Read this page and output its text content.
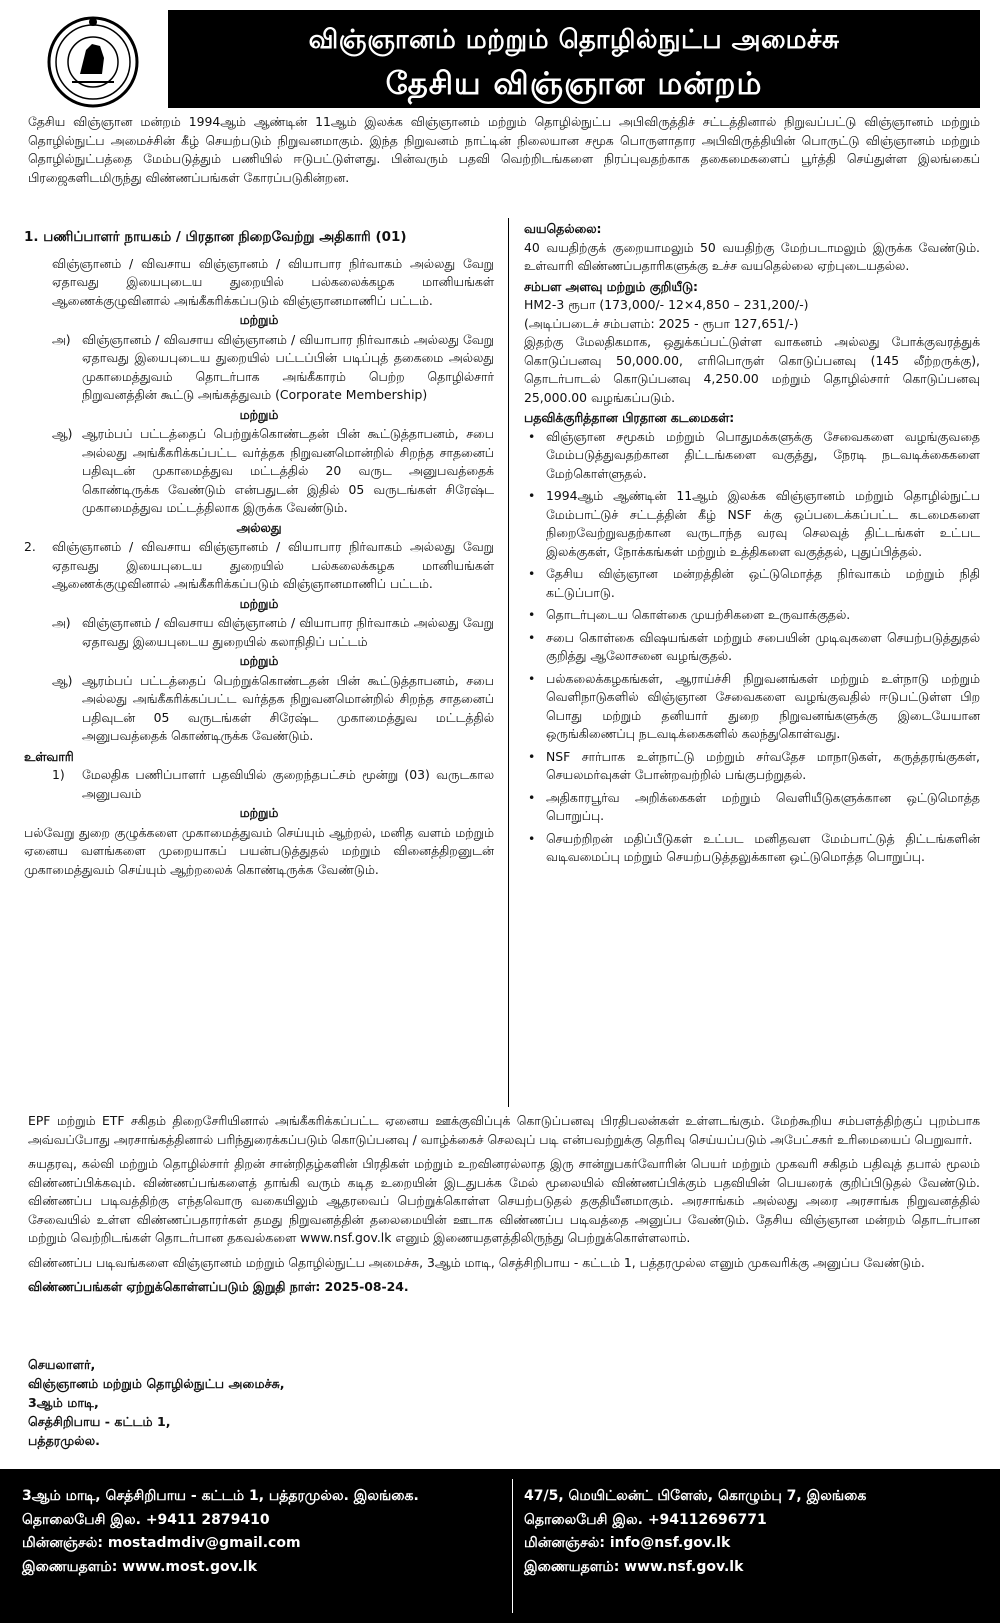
விஞ்ஞானம் மற்றும் தொழில்நுட்ப அமைச்சு
தேசிய விஞ்ஞான மன்றம்
தேசிய விஞ்ஞான மன்றம் 1994ஆம் ஆண்டின் 11ஆம் இலக்க விஞ்ஞானம் மற்றும் தொழில்நுட்ப அபிவிருத்திச் சட்டத்தினால் நிறுவப்பட்டு விஞ்ஞானம் மற்றும் தொழில்நுட்ப அமைச்சின் கீழ் செயற்படும் நிறுவனமாகும். இந்த நிறுவனம் நாட்டின் நிலையான சமூக பொருளாதார அபிவிருத்தியின் பொருட்டு விஞ்ஞானம் மற்றும் தொழில்நுட்பத்தை மேம்படுத்தும் பணியில் ஈடுபட்டுள்ளது. பின்வரும் பதவி வெற்றிடங்களை நிரப்புவதற்காக தகைமைகளைப் பூர்த்தி செய்துள்ள இலங்கைப் பிரஜைகளிடமிருந்து விண்ணப்பங்கள் கோரப்படுகின்றன.
1. பணிப்பாளர் நாயகம் / பிரதான நிறைவேற்று அதிகாரி (01)
விஞ்ஞானம் / விவசாய விஞ்ஞானம் / வியாபார நிர்வாகம் அல்லது வேறு ஏதாவது இயைபுடைய துறையில் பல்கலைக்கழக மானியங்கள் ஆணைக்குழுவினால் அங்கீகரிக்கப்படும் விஞ்ஞானமாணிப் பட்டம்.
மற்றும்
அ) விஞ்ஞானம் / விவசாய விஞ்ஞானம் / வியாபார நிர்வாகம் அல்லது வேறு ஏதாவது இயைபுடைய துறையில் பட்டப்பின் படிப்புத் தகைமை அல்லது முகாமைத்துவம் தொடர்பாக அங்கீகாரம் பெற்ற தொழில்சார் நிறுவனத்தின் கூட்டு அங்கத்துவம் (Corporate Membership)
மற்றும்
ஆ) ஆரம்பப் பட்டத்தைப் பெற்றுக்கொண்டதன் பின் கூட்டுத்தாபனம், சபை அல்லது அங்கீகரிக்கப்பட்ட வர்த்தக நிறுவனமொன்றில் சிறந்த சாதனைப் பதிவுடன் முகாமைத்துவ மட்டத்தில் 20 வருட அனுபவத்தைக் கொண்டிருக்க வேண்டும் என்பதுடன் இதில் 05 வருடங்கள் சிரேஷ்ட முகாமைத்துவ மட்டத்திலாக இருக்க வேண்டும்.
அல்லது
2. விஞ்ஞானம் / விவசாய விஞ்ஞானம் / வியாபார நிர்வாகம் அல்லது வேறு ஏதாவது இயைபுடைய துறையில் பல்கலைக்கழக மானியங்கள் ஆணைக்குழுவினால் அங்கீகரிக்கப்படும் விஞ்ஞானமாணிப் பட்டம்.
மற்றும்
அ) விஞ்ஞானம் / விவசாய விஞ்ஞானம் / வியாபார நிர்வாகம் அல்லது வேறு ஏதாவது இயைபுடைய துறையில் கலாநிதிப் பட்டம்
மற்றும்
ஆ) ஆரம்பப் பட்டத்தைப் பெற்றுக்கொண்டதன் பின் கூட்டுத்தாபனம், சபை அல்லது அங்கீகரிக்கப்பட்ட வர்த்தக நிறுவனமொன்றில் சிறந்த சாதனைப் பதிவுடன் 05 வருடங்கள் சிரேஷ்ட முகாமைத்துவ மட்டத்தில் அனுபவத்தைக் கொண்டிருக்க வேண்டும்.
உள்வாரி
1) மேலதிக பணிப்பாளர் பதவியில் குறைந்தபட்சம் மூன்று (03) வருடகால அனுபவம்
மற்றும்
பல்வேறு துறை குழுக்களை முகாமைத்துவம் செய்யும் ஆற்றல், மனித வளம் மற்றும் ஏனைய வளங்களை முறையாகப் பயன்படுத்துதல் மற்றும் வினைத்திறனுடன் முகாமைத்துவம் செய்யும் ஆற்றலைக் கொண்டிருக்க வேண்டும்.
வயதெல்லை:
40 வயதிற்குக் குறையாமலும் 50 வயதிற்கு மேற்படாமலும் இருக்க வேண்டும். உள்வாரி விண்ணப்பதாரிகளுக்கு உச்ச வயதெல்லை ஏற்புடையதல்ல.
சம்பள அளவு மற்றும் குறியீடு:
HM2-3 ரூபா (173,000/- 12×4,850 – 231,200/-)
(அடிப்படைச் சம்பளம்: 2025 - ரூபா 127,651/-)
இதற்கு மேலதிகமாக, ஒதுக்கப்பட்டுள்ள வாகனம் அல்லது போக்குவரத்துக் கொடுப்பனவு 50,000.00, எரிபொருள் கொடுப்பனவு (145 லீற்றருக்கு), தொடர்பாடல் கொடுப்பனவு 4,250.00 மற்றும் தொழில்சார் கொடுப்பனவு 25,000.00 வழங்கப்படும்.
பதவிக்குரித்தான பிரதான கடமைகள்:
• விஞ்ஞான சமூகம் மற்றும் பொதுமக்களுக்கு சேவைகளை வழங்குவதை மேம்படுத்துவதற்கான திட்டங்களை வகுத்து, நேரடி நடவடிக்கைகளை மேற்கொள்ளுதல்.
• 1994ஆம் ஆண்டின் 11ஆம் இலக்க விஞ்ஞானம் மற்றும் தொழில்நுட்ப மேம்பாட்டுச் சட்டத்தின் கீழ் NSF க்கு ஒப்படைக்கப்பட்ட கடமைகளை நிறைவேற்றுவதற்கான வருடாந்த வரவு செலவுத் திட்டங்கள் உட்பட இலக்குகள், நோக்கங்கள் மற்றும் உத்திகளை வகுத்தல், புதுப்பித்தல்.
• தேசிய விஞ்ஞான மன்றத்தின் ஒட்டுமொத்த நிர்வாகம் மற்றும் நிதி கட்டுப்பாடு.
• தொடர்புடைய கொள்கை முயற்சிகளை உருவாக்குதல்.
• சபை கொள்கை விஷயங்கள் மற்றும் சபையின் முடிவுகளை செயற்படுத்துதல் குறித்து ஆலோசனை வழங்குதல்.
• பல்கலைக்கழகங்கள், ஆராய்ச்சி நிறுவனங்கள் மற்றும் உள்நாடு மற்றும் வெளிநாடுகளில் விஞ்ஞான சேவைகளை வழங்குவதில் ஈடுபட்டுள்ள பிற பொது மற்றும் தனியார் துறை நிறுவனங்களுக்கு இடையேயான ஒருங்கிணைப்பு நடவடிக்கைகளில் கலந்துகொள்வது.
• NSF சார்பாக உள்நாட்டு மற்றும் சர்வதேச மாநாடுகள், கருத்தரங்குகள், செயலமர்வுகள் போன்றவற்றில் பங்குபற்றுதல்.
• அதிகாரபூர்வ அறிக்கைகள் மற்றும் வெளியீடுகளுக்கான ஒட்டுமொத்த பொறுப்பு.
• செயற்றிறன் மதிப்பீடுகள் உட்பட மனிதவள மேம்பாட்டுத் திட்டங்களின் வடிவமைப்பு மற்றும் செயற்படுத்தலுக்கான ஒட்டுமொத்த பொறுப்பு.

EPF மற்றும் ETF சகிதம் திறைசேரியினால் அங்கீகரிக்கப்பட்ட ஏனைய ஊக்குவிப்புக் கொடுப்பனவு பிரதிபலன்கள் உள்ளடங்கும். மேற்கூறிய சம்பளத்திற்குப் புறம்பாக அவ்வப்போது அரசாங்கத்தினால் பரிந்துரைக்கப்படும் கொடுப்பனவு / வாழ்க்கைச் செலவுப் படி என்பவற்றுக்கு தெரிவு செய்யப்படும் அபேட்சகர் உரிமையைப் பெறுவார்.

சுயதரவு, கல்வி மற்றும் தொழில்சார் திறன் சான்றிதழ்களின் பிரதிகள் மற்றும் உறவினரல்லாத இரு சான்றுபகர்வோரின் பெயர் மற்றும் முகவரி சகிதம் பதிவுத் தபால் மூலம் விண்ணப்பிக்கவும். விண்ணப்பங்களைத் தாங்கி வரும் கடித உறையின் இடதுபக்க மேல் மூலையில் விண்ணப்பிக்கும் பதவியின் பெயரைக் குறிப்பிடுதல் வேண்டும். விண்ணப்ப படிவத்திற்கு எந்தவொரு வகையிலும் ஆதரவைப் பெற்றுக்கொள்ள செயற்படுதல் தகுதியீனமாகும். அரசாங்கம் அல்லது அரை அரசாங்க நிறுவனத்தில் சேவையில் உள்ள விண்ணப்பதாரர்கள் தமது நிறுவனத்தின் தலைமையின் ஊடாக விண்ணப்ப படிவத்தை அனுப்ப வேண்டும். தேசிய விஞ்ஞான மன்றம் தொடர்பான மற்றும் வெற்றிடங்கள் தொடர்பான தகவல்களை www.nsf.gov.lk எனும் இணையதளத்திலிருந்து பெற்றுக்கொள்ளலாம்.

விண்ணப்ப படிவங்களை விஞ்ஞானம் மற்றும் தொழில்நுட்ப அமைச்சு, 3ஆம் மாடி, செத்சிறிபாய - கட்டம் 1, பத்தரமுல்ல எனும் முகவரிக்கு அனுப்ப வேண்டும்.

விண்ணப்பங்கள் ஏற்றுக்கொள்ளப்படும் இறுதி நாள்: 2025-08-24.

செயலாளர்,
விஞ்ஞானம் மற்றும் தொழில்நுட்ப அமைச்சு,
3ஆம் மாடி,
செத்சிறிபாய - கட்டம் 1,
பத்தரமுல்ல.
3ஆம் மாடி, செத்சிறிபாய - கட்டம் 1, பத்தரமுல்ல. இலங்கை.
தொலைபேசி இல. +9411 2879410
மின்னஞ்சல்: mostadmdiv@gmail.com
இணையதளம்: www.most.gov.lk
47/5, மெயிட்லன்ட் பிளேஸ், கொழும்பு 7, இலங்கை
தொலைபேசி இல. +94112696771
மின்னஞ்சல்: info@nsf.gov.lk
இணையதளம்: www.nsf.gov.lk
